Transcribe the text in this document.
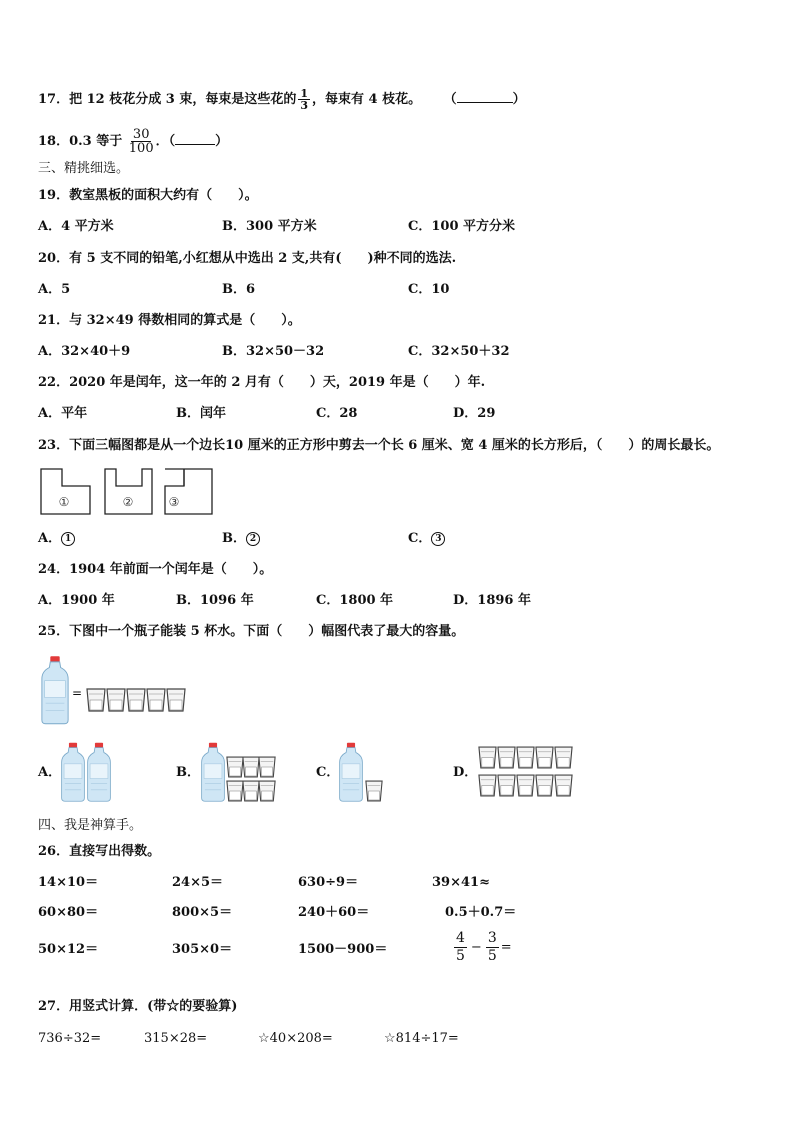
17．把 12 枝花分成 3 束，每束是这些花的 $\frac{1}{3}$ ，每束有 4 枝花。 （	）
18．0.3 等于 $\frac{30}{100}$ ．（	）
三、精挑细选。
19．教室黑板的面积大约有（　　）。
A．4 平方米	B．300 平方米	C．100 平方分米
20．有 5 支不同的铅笔,小红想从中选出 2 支,共有(　　)种不同的选法.
A．5	B．6	C．10
21．与 32×49 得数相同的算式是（　　）。
A．32×40＋9	B．32×50－32	C．32×50＋32
22．2020 年是闰年，这一年的 2 月有（　　）天，2019 年是（　　）年.
A．平年	B．闰年	C．28	D．29
23．下面三幅图都是从一个边长10 厘米的正方形中剪去一个长 6 厘米、宽 4 厘米的长方形后，（　　）的周长最长。
①	②	③
A． 1	B． 2	C． 3
24．1904 年前面一个闰年是（　　）。
A．1900 年	B．1096 年	C．1800 年	D．1896 年
25．下图中一个瓶子能装 5 杯水。下面（　　）幅图代表了最大的容量。
=
A．	B．	C．	D．
四、我是神算手。
26．直接写出得数。
14×10＝	24×5＝	630÷9＝	39×41≈
60×80＝	800×5＝	240＋60＝	0.5＋0.7＝
50×12＝	305×0＝	1500－900＝	$\frac{4}{5} - \frac{3}{5}$ =
27．用竖式计算．(带☆的要验算)
736÷32=	315×28=	☆40×208=	☆814÷17=
